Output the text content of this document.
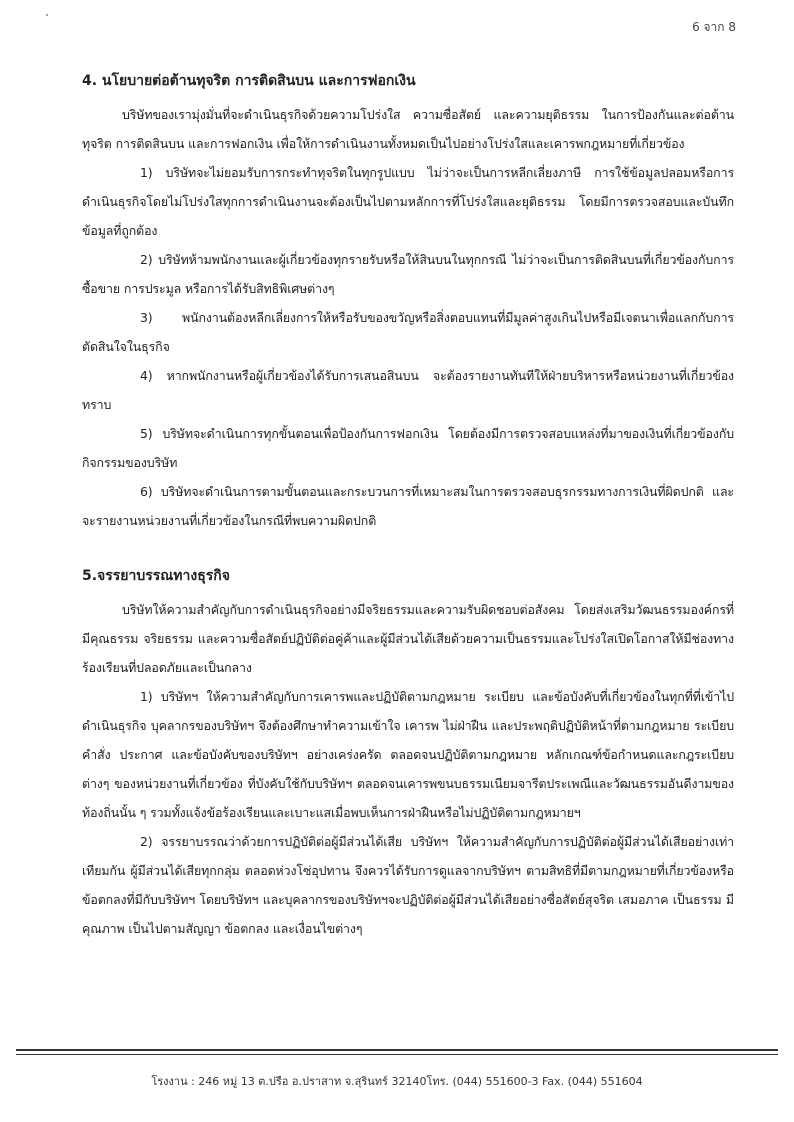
6 จาก 8
4. นโยบายต่อต้านทุจริต การติดสินบน และการฟอกเงิน

บริษัทของเรามุ่งมั่นที่จะดำเนินธุรกิจด้วยความโปร่งใส ความซื่อสัตย์ และความยุติธรรม ในการป้องกันและต่อต้านทุจริต การติดสินบน และการฟอกเงิน เพื่อให้การดำเนินงานทั้งหมดเป็นไปอย่างโปร่งใสและเคารพกฎหมายที่เกี่ยวข้อง

1) บริษัทจะไม่ยอมรับการกระทำทุจริตในทุกรูปแบบ ไม่ว่าจะเป็นการหลีกเลี่ยงภาษี การใช้ข้อมูลปลอมหรือการดำเนินธุรกิจโดยไม่โปร่งใสทุกการดำเนินงานจะต้องเป็นไปตามหลักการที่โปร่งใสและยุติธรรม โดยมีการตรวจสอบและบันทึกข้อมูลที่ถูกต้อง

2) บริษัทห้ามพนักงานและผู้เกี่ยวข้องทุกรายรับหรือให้สินบนในทุกกรณี ไม่ว่าจะเป็นการติดสินบนที่เกี่ยวข้องกับการซื้อขาย การประมูล หรือการได้รับสิทธิพิเศษต่างๆ

3) พนักงานต้องหลีกเลี่ยงการให้หรือรับของขวัญหรือสิ่งตอบแทนที่มีมูลค่าสูงเกินไปหรือมีเจตนาเพื่อแลกกับการตัดสินใจในธุรกิจ

4) หากพนักงานหรือผู้เกี่ยวข้องได้รับการเสนอสินบน จะต้องรายงานทันทีให้ฝ่ายบริหารหรือหน่วยงานที่เกี่ยวข้องทราบ

5) บริษัทจะดำเนินการทุกขั้นตอนเพื่อป้องกันการฟอกเงิน โดยต้องมีการตรวจสอบแหล่งที่มาของเงินที่เกี่ยวข้องกับกิจกรรมของบริษัท

6) บริษัทจะดำเนินการตามขั้นตอนและกระบวนการที่เหมาะสมในการตรวจสอบธุรกรรมทางการเงินที่ผิดปกติ และจะรายงานหน่วยงานที่เกี่ยวข้องในกรณีที่พบความผิดปกติ

5.จรรยาบรรณทางธุรกิจ

บริษัทให้ความสำคัญกับการดำเนินธุรกิจอย่างมีจริยธรรมและความรับผิดชอบต่อสังคม โดยส่งเสริมวัฒนธรรมองค์กรที่มีคุณธรรม จริยธรรม และความซื่อสัตย์ปฏิบัติต่อคู่ค้าและผู้มีส่วนได้เสียด้วยความเป็นธรรมและโปร่งใสเปิดโอกาสให้มีช่องทางร้องเรียนที่ปลอดภัยและเป็นกลาง

1) บริษัทฯ ให้ความสำคัญกับการเคารพและปฏิบัติตามกฎหมาย ระเบียบ และข้อบังคับที่เกี่ยวข้องในทุกที่ที่เข้าไปดำเนินธุรกิจ บุคลากรของบริษัทฯ จึงต้องศึกษาทำความเข้าใจ เคารพ ไม่ฝ่าฝืน และประพฤติปฏิบัติหน้าที่ตามกฎหมาย ระเบียบ คำสั่ง ประกาศ และข้อบังคับของบริษัทฯ อย่างเคร่งครัด ตลอดจนปฏิบัติตามกฎหมาย หลักเกณฑ์ข้อกำหนดและกฎระเบียบต่างๆ ของหน่วยงานที่เกี่ยวข้อง ที่บังคับใช้กับบริษัทฯ ตลอดจนเคารพขนบธรรมเนียมจารีตประเพณีและวัฒนธรรมอันดีงามของท้องถิ่นนั้น ๆ รวมทั้งแจ้งข้อร้องเรียนและเบาะแสเมื่อพบเห็นการฝ่าฝืนหรือไม่ปฏิบัติตามกฎหมายฯ

2) จรรยาบรรณว่าด้วยการปฏิบัติต่อผู้มีส่วนได้เสีย บริษัทฯ ให้ความสำคัญกับการปฏิบัติต่อผู้มีส่วนได้เสียอย่างเท่าเทียมกัน ผู้มีส่วนได้เสียทุกกลุ่ม ตลอดห่วงโซ่อุปทาน จึงควรได้รับการดูแลจากบริษัทฯ ตามสิทธิที่มีตามกฎหมายที่เกี่ยวข้องหรือข้อตกลงที่มีกับบริษัทฯ โดยบริษัทฯ และบุคลากรของบริษัทฯจะปฏิบัติต่อผู้มีส่วนได้เสียอย่างซื่อสัตย์สุจริต เสมอภาค เป็นธรรม มีคุณภาพ เป็นไปตามสัญญา ข้อตกลง และเงื่อนไขต่างๆ

โรงงาน : 246 หมู่ 13 ต.ปรือ อ.ปราสาท จ.สุรินทร์ 32140โทร. (044) 551600-3 Fax. (044) 551604
